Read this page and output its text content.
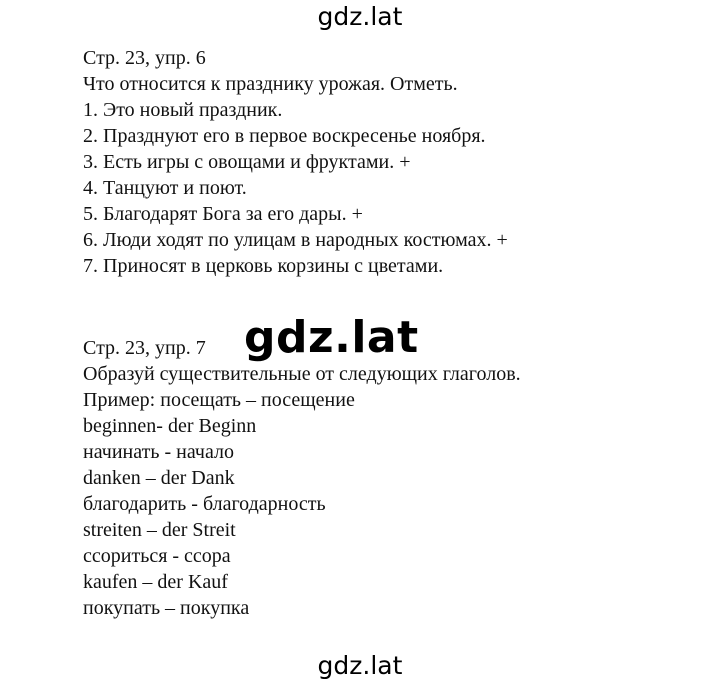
gdz.lat
Стр. 23, упр. 6
Что относится к празднику урожая. Отметь.
1. Это новый праздник.
2. Празднуют его в первое воскресенье ноября.
3. Есть игры с овощами и фруктами. +
4. Танцуют и поют.
5. Благодарят Бога за его дары. +
6. Люди ходят по улицам в народных костюмах. +
7. Приносят в церковь корзины с цветами.
gdz.lat
Стр. 23, упр. 7
Образуй существительные от следующих глаголов.
Пример: посещать – посещение
beginnen- der Beginn
начинать - начало
danken – der Dank
благодарить - благодарность
streiten – der Streit
ссориться - ссора
kaufen – der Kauf
покупать – покупка
gdz.lat
